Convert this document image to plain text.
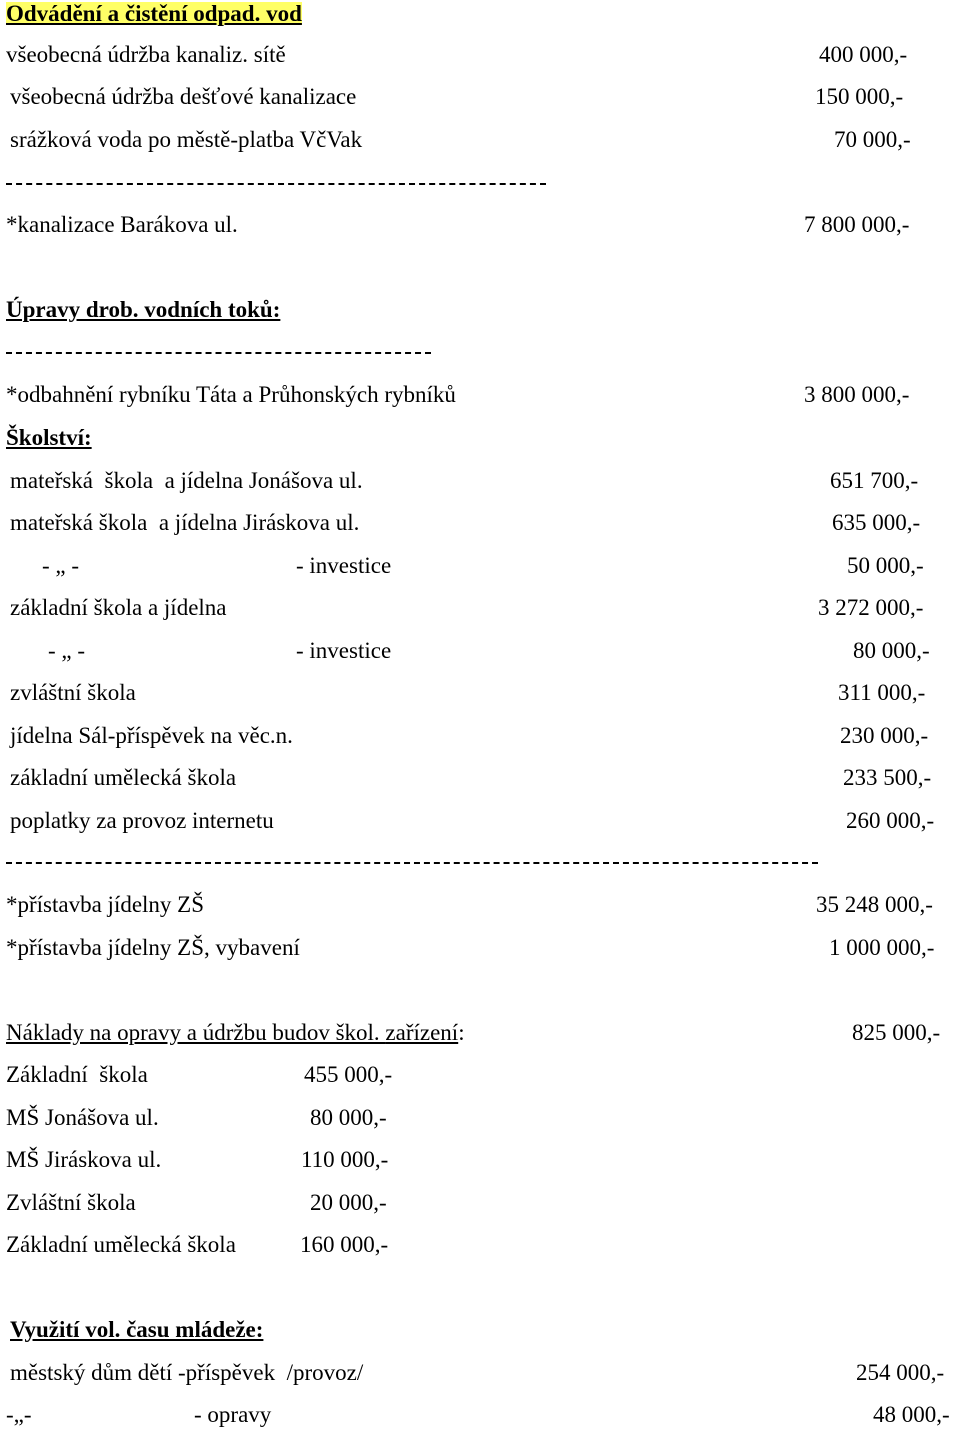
Odvádění a čistění odpad. vod
všeobecná údržba kanaliz. sítě	400 000,-
všeobecná údržba dešťové kanalizace	150 000,-
srážková voda po městě-platba VčVak	70 000,-
*kanalizace Barákova ul.	7 800 000,-
Úpravy drob. vodních toků:
*odbahnění rybníku Táta a Průhonských rybníků	3 800 000,-
Školství:
mateřská  škola  a jídelna Jonášova ul.	651 700,-
mateřská škola  a jídelna Jiráskova ul.	635 000,-
- „ -	- investice	50 000,-
základní škola a jídelna	3 272 000,-
- „ -	- investice	80 000,-
zvláštní škola	311 000,-
jídelna Sál-příspěvek na věc.n.	230 000,-
základní umělecká škola	233 500,-
poplatky za provoz internetu	260 000,-
*přístavba jídelny ZŠ	35 248 000,-
*přístavba jídelny ZŠ, vybavení	1 000 000,-
Náklady na opravy a údržbu budov škol. zařízení:	825 000,-
Základní  škola	455 000,-
MŠ Jonášova ul.	80 000,-
MŠ Jiráskova ul.	110 000,-
Zvláštní škola	20 000,-
Základní umělecká škola	160 000,-
Využití vol. času mládeže:
městský dům dětí -příspěvek  /provoz/	254 000,-
-„-	- opravy	48 000,-
